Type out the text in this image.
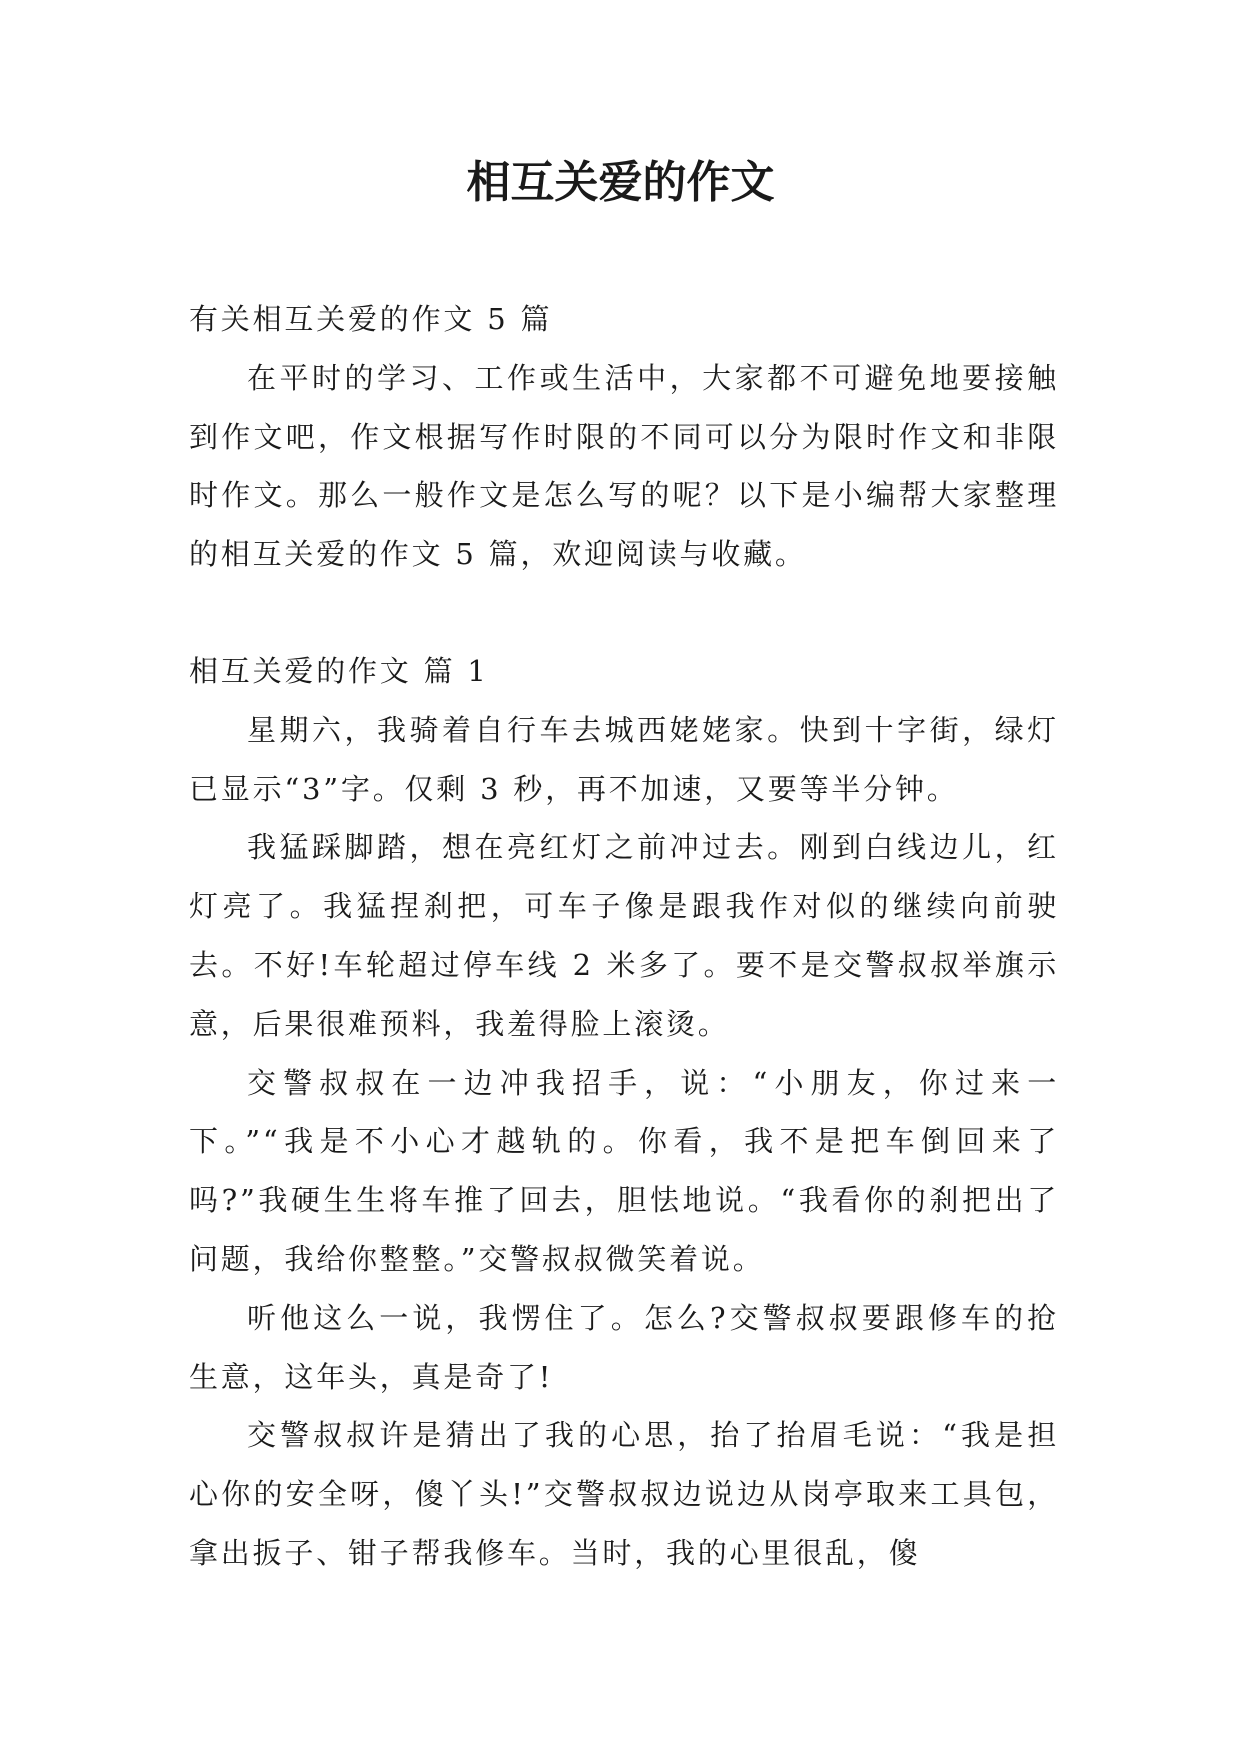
相互关爱的作文

有关相互关爱的作文 5 篇

在平时的学习、工作或生活中，大家都不可避免地要接触到作文吧，作文根据写作时限的不同可以分为限时作文和非限时作文。那么一般作文是怎么写的呢？以下是小编帮大家整理的相互关爱的作文 5 篇，欢迎阅读与收藏。

相互关爱的作文 篇 1

星期六，我骑着自行车去城西姥姥家。快到十字街，绿灯已显示“3”字。仅剩 3 秒，再不加速，又要等半分钟。

我猛踩脚踏，想在亮红灯之前冲过去。刚到白线边儿，红灯亮了。我猛捏刹把，可车子像是跟我作对似的继续向前驶去。不好!车轮超过停车线 2 米多了。要不是交警叔叔举旗示意，后果很难预料，我羞得脸上滚烫。

交警叔叔在一边冲我招手，说：“小朋友，你过来一下。”“我是不小心才越轨的。你看，我不是把车倒回来了吗?”我硬生生将车推了回去，胆怯地说。“我看你的刹把出了问题，我给你整整。”交警叔叔微笑着说。

听他这么一说，我愣住了。怎么?交警叔叔要跟修车的抢生意，这年头，真是奇了!

交警叔叔许是猜出了我的心思，抬了抬眉毛说：“我是担心你的安全呀，傻丫头!”交警叔叔边说边从岗亭取来工具包，拿出扳子、钳子帮我修车。当时，我的心里很乱，傻
